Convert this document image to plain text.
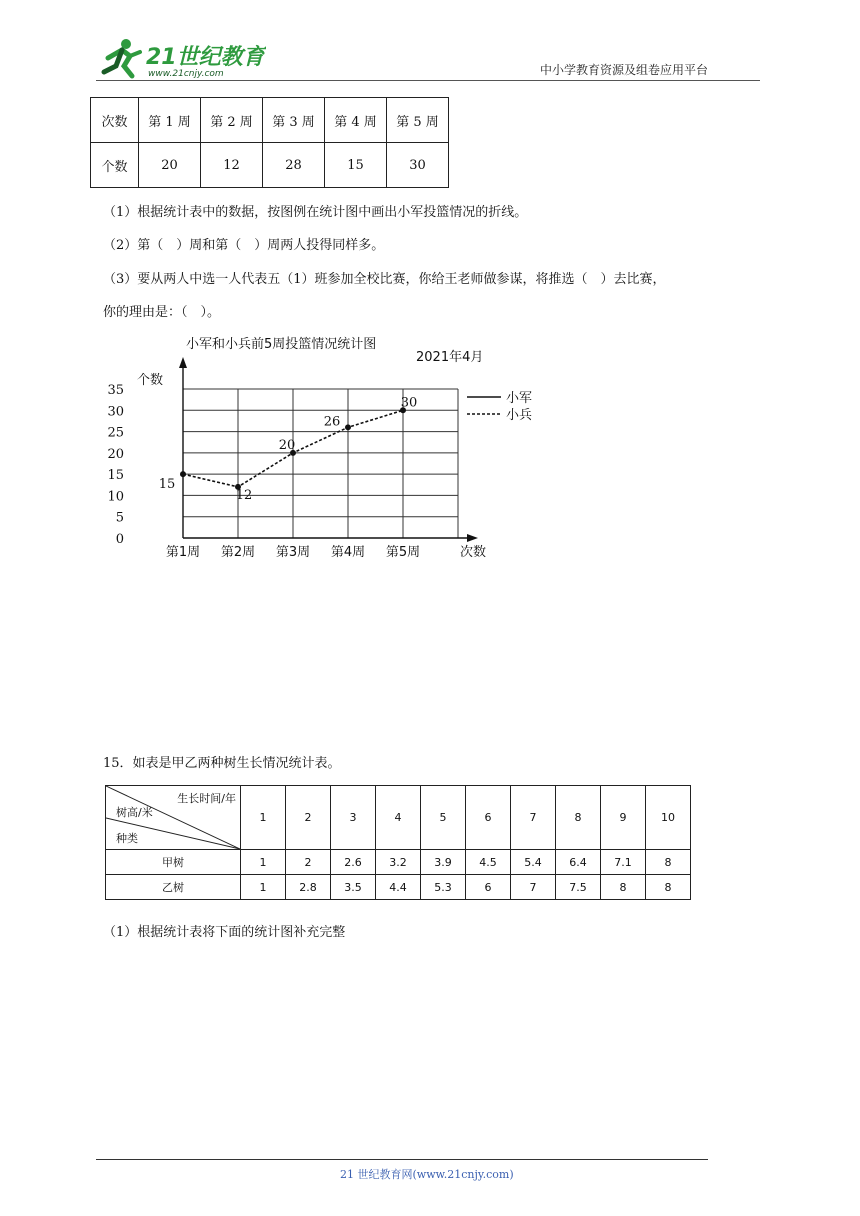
21世纪教育
www.21cnjy.com	中小学教育资源及组卷应用平台
次数	第 1 周	第 2 周	第 3 周	第 4 周	第 5 周
个数	20	12	28	15	30
（1）根据统计表中的数据，按图例在统计图中画出小军投篮情况的折线。
（2）第（　）周和第（　）周两人投得同样多。
（3）要从两人中选一人代表五（1）班参加全校比赛，你给王老师做参谋，将推选（　）去比赛，
你的理由是：（　）。
小军和小兵前5周投篮情况统计图
2021年4月
个数
次数
0
5
10
15
20
25
30
35
第1周 第2周 第3周 第4周 第5周
15
12
20
26
30	小军
小兵
15．如表是甲乙两种树生长情况统计表。
生长时间/年
树高/米
种类	1	2	3	4	5	6	7	8	9	10
甲树	1	2	2.6	3.2	3.9	4.5	5.4	6.4	7.1	8
乙树	1	2.8	3.5	4.4	5.3	6	7	7.5	8	8
（1）根据统计表将下面的统计图补充完整
21 世纪教育网(www.21cnjy.com)
